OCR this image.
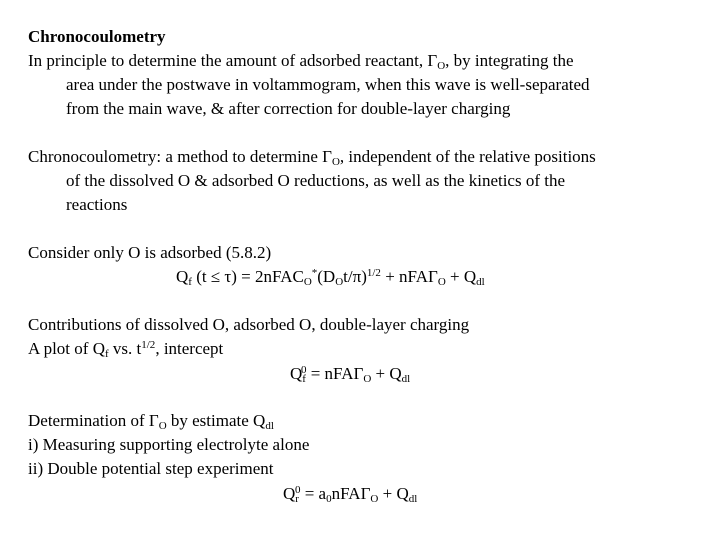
Chronocoulometry
In principle to determine the amount of adsorbed reactant, $\Gamma_O$, by integrating the
area under the postwave in voltammogram, when this wave is well-separated
from the main wave, & after correction for double-layer charging
Chronocoulometry: a method to determine $\Gamma_O$, independent of the relative positions
of the dissolved O & adsorbed O reductions, as well as the kinetics of the
reactions
Consider only O is adsorbed (5.8.2)
$Q_f$ $(t \le \tau) = 2nFAC_O^*(D_Ot/\pi)^{1/2} + nFA\Gamma_O + Q_{dl}$
Contributions of dissolved O, adsorbed O, double-layer charging
A plot of $Q_f$ vs. $t^{1/2}$, intercept
$Q_f^0 = nFA\Gamma_O + Q_{dl}$
Determination of $\Gamma_O$ by estimate $Q_{dl}$
i) Measuring supporting electrolyte alone
ii) Double potential step experiment
$Q_r^0 = a_0nFA\Gamma_O + Q_{dl}$
